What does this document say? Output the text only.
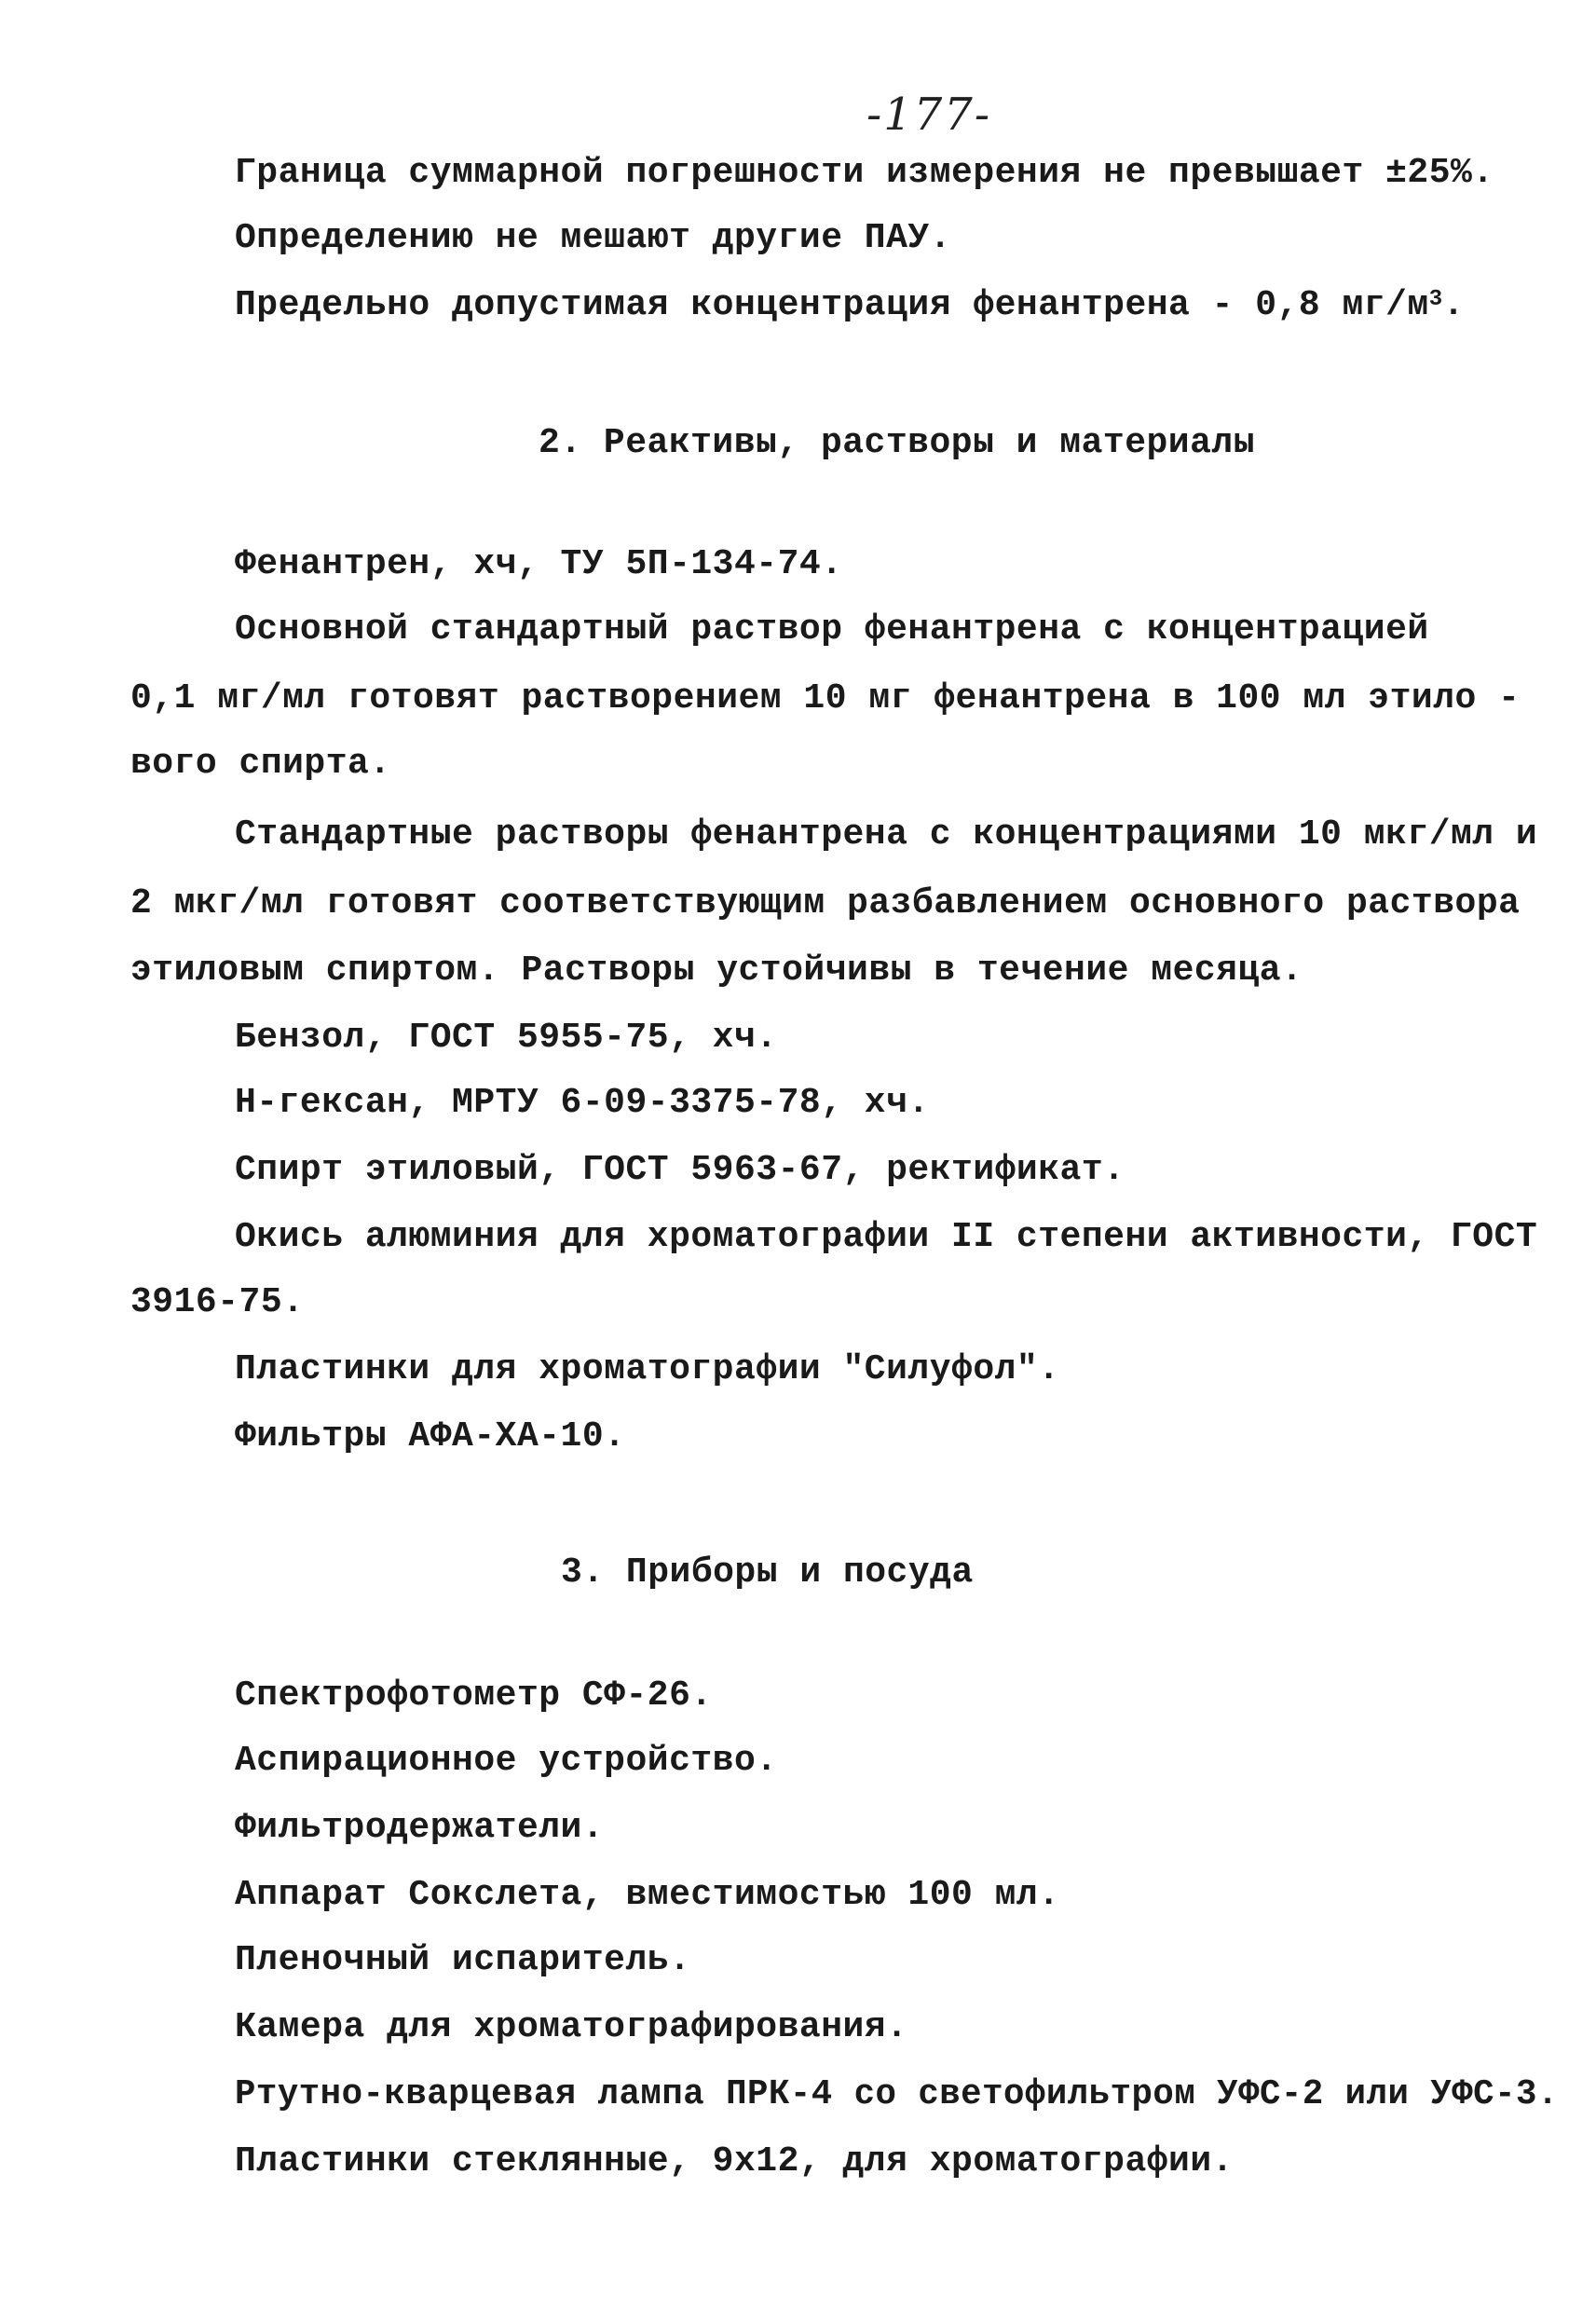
-177-
Граница суммарной погрешности измерения не превышает ±25%.
Определению не мешают другие ПАУ.
Предельно допустимая концентрация фенантрена - 0,8 $мг/м^3$.
2. Реактивы, растворы и материалы
Фенантрен, хч, ТУ 5П-134-74.
Основной стандартный раствор фенантрена с концентрацией
0,1 мг/мл готовят растворением 10 мг фенантрена в 100 мл этило -
вого спирта.
Стандартные растворы фенантрена с концентрациями 10 мкг/мл и
2 мкг/мл готовят соответствующим разбавлением основного раствора
этиловым спиртом. Растворы устойчивы в течение месяца.
Бензол, ГОСТ 5955-75, хч.
Н-гексан, МРТУ 6-09-3375-78, хч.
Спирт этиловый, ГОСТ 5963-67, ректификат.
Окись алюминия для хроматографии II степени активности, ГОСТ
3916-75.
Пластинки для хроматографии "Силуфол".
Фильтры АФА-ХА-10.
3. Приборы и посуда
Спектрофотометр СФ-26.
Аспирационное устройство.
Фильтродержатели.
Аппарат Сокслета, вместимостью 100 мл.
Пленочный испаритель.
Камера для хроматографирования.
Ртутно-кварцевая лампа ПРК-4 со светофильтром УФС-2 или УФС-3.
Пластинки стеклянные, 9х12, для хроматографии.
